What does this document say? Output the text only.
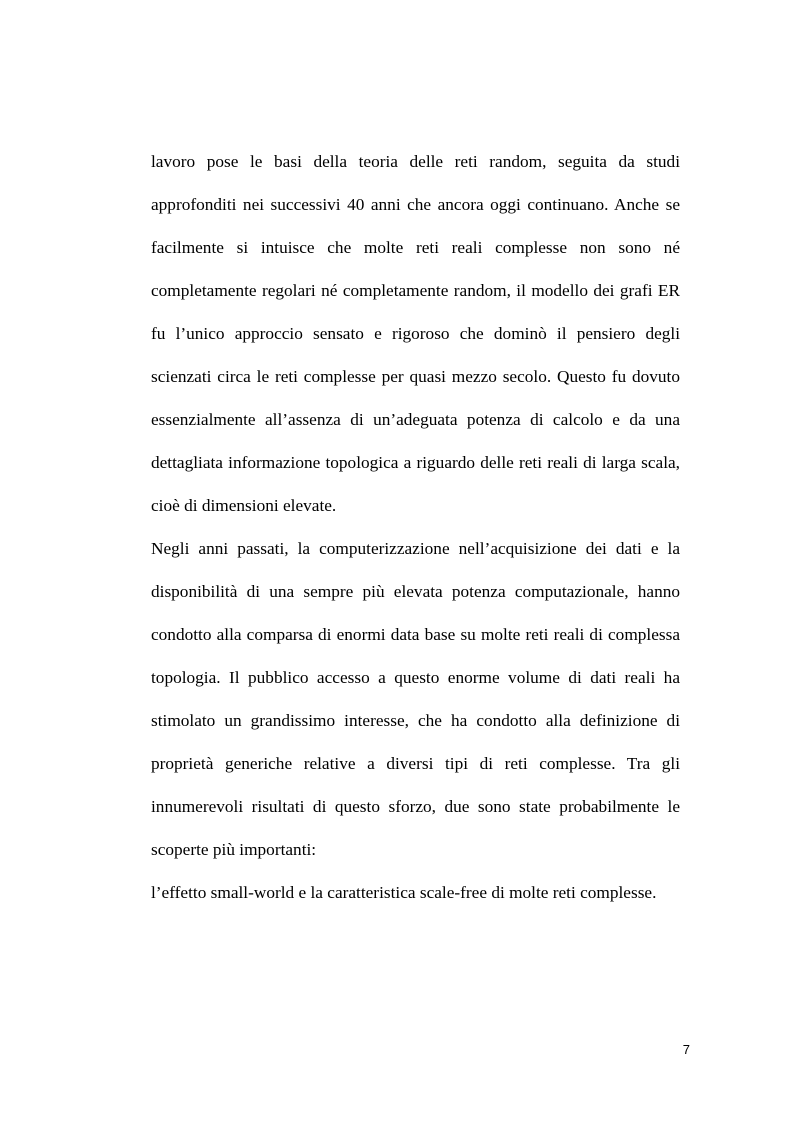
lavoro pose le basi della teoria delle reti random, seguita da studi approfonditi nei successivi 40 anni che ancora oggi continuano. Anche se facilmente si intuisce che molte reti reali complesse non sono né completamente regolari né completamente random, il modello dei grafi ER fu l’unico approccio sensato e rigoroso che dominò il pensiero degli scienzati circa le reti complesse per quasi mezzo secolo. Questo fu dovuto essenzialmente all’assenza di un’adeguata potenza di calcolo e da una dettagliata informazione topologica a riguardo delle reti reali di larga scala, cioè di dimensioni elevate.

Negli anni passati, la computerizzazione nell’acquisizione dei dati e la disponibilità di una sempre più elevata potenza computazionale, hanno condotto alla comparsa di enormi data base su molte reti reali di complessa topologia. Il pubblico accesso a questo enorme volume di dati reali ha stimolato un grandissimo interesse, che ha condotto alla definizione di proprietà generiche relative a diversi tipi di reti complesse. Tra gli innumerevoli risultati di questo sforzo, due sono state probabilmente le scoperte più importanti:

l’effetto small-world e la caratteristica scale-free di molte reti complesse.

7
